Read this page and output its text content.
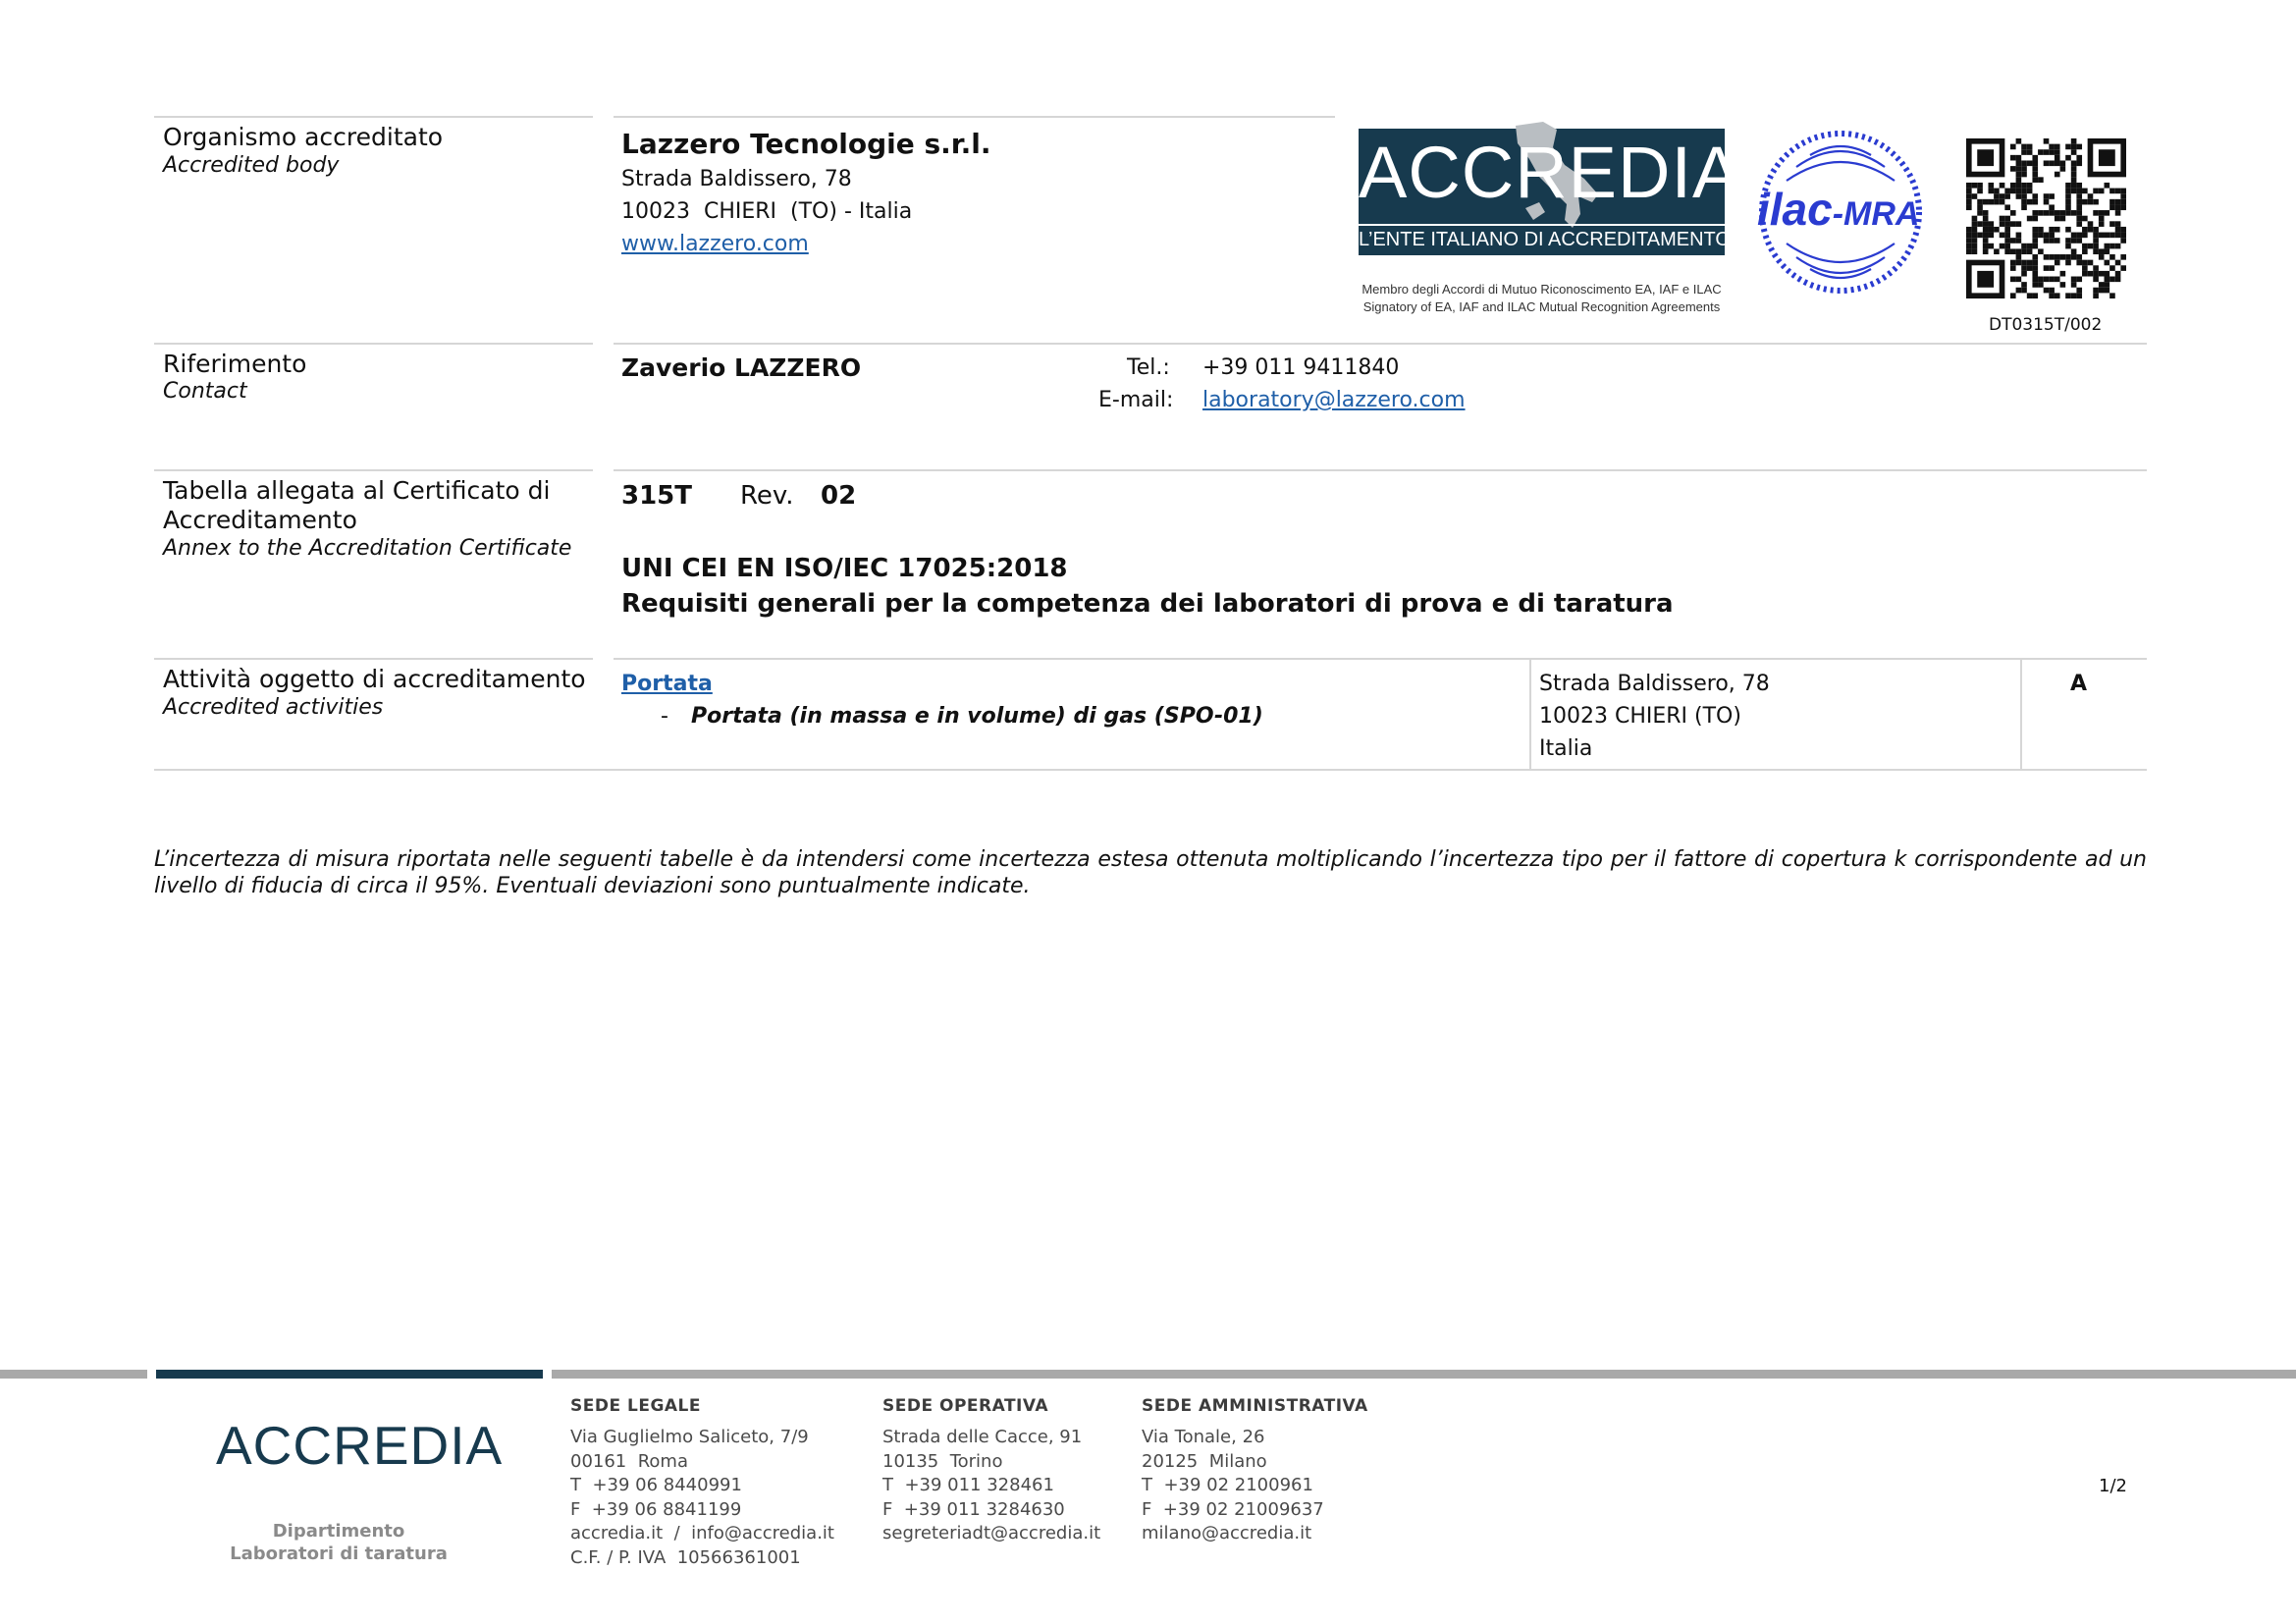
Organismo accreditato
Accredited body
Lazzero Tecnologie s.r.l.
Strada Baldissero, 78
10023  CHIERI  (TO) - Italia
www.lazzero.com
ACCREDIA
L’ENTE ITALIANO DI ACCREDITAMENTO
Membro degli Accordi di Mutuo Riconoscimento EA, IAF e ILAC
Signatory of EA, IAF and ILAC Mutual Recognition Agreements
ilac-MRA
DT0315T/002
Riferimento
Contact
Zaverio LAZZERO	Tel.: +39 011 9411840
E-mail: laboratory@lazzero.com
Tabella allegata al Certificato di
Accreditamento
Annex to the Accreditation Certificate
315T Rev. 02
UNI CEI EN ISO/IEC 17025:2018
Requisiti generali per la competenza dei laboratori di prova e di taratura
Attività oggetto di accreditamento
Accredited activities
Portata
- Portata (in massa e in volume) di gas (SPO-01)
Strada Baldissero, 78
10023 CHIERI (TO)
Italia
A
L’incertezza di misura riportata nelle seguenti tabelle è da intendersi come incertezza estesa ottenuta moltiplicando l’incertezza tipo per il fattore di copertura k corrispondente ad un livello di fiducia di circa il 95%. Eventuali deviazioni sono puntualmente indicate.
ACCREDIA
Dipartimento
Laboratori di taratura
SEDE LEGALE
Via Guglielmo Saliceto, 7/9
00161  Roma
T  +39 06 8440991
F  +39 06 8841199
accredia.it  /  info@accredia.it
C.F. / P. IVA  10566361001
SEDE OPERATIVA
Strada delle Cacce, 91
10135  Torino
T  +39 011 328461
F  +39 011 3284630
segreteriadt@accredia.it
SEDE AMMINISTRATIVA
Via Tonale, 26
20125  Milano
T  +39 02 2100961
F  +39 02 21009637
milano@accredia.it
1/2
